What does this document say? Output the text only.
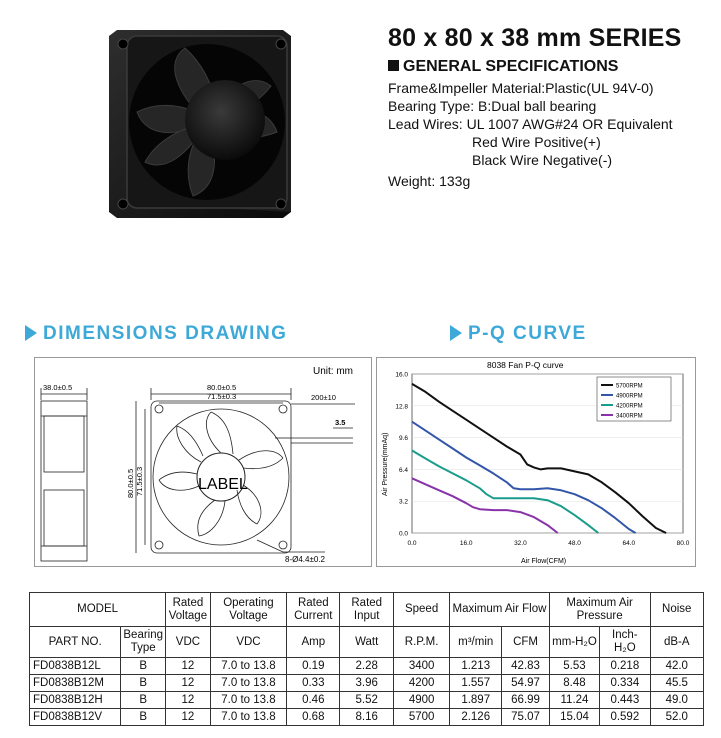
80 x 80 x 38 mm SERIES
GENERAL SPECIFICATIONS
Frame&Impeller Material:Plastic(UL 94V-0)
Bearing Type: B:Dual ball bearing
Lead Wires: UL 1007 AWG#24 OR Equivalent
Red Wire Positive(+)
Black Wire Negative(-)
Weight: 133g
DIMENSIONS DRAWING	P-Q CURVE
Unit: mm
38.0±0.5	80.0±0.5
71.5±0.3	200±10
3.5
80.0±0.5 71.5±0.3
8-Ø4.4±0.2
LABEL
0.0
3.2
6.4
9.6
12.8
16.0
0.0	16.0	32.0	48.0	64.0	80.0
5700RPM
4900RPM
4200RPM
3400RPM
8038 Fan P-Q curve
Air Flow(CFM)
Air Pressure(mmAq)
MODEL		Rated Voltage	Operating Voltage	Rated Current	Rated Input	Speed	Maximum Air Flow		Maximum Air Pressure		Noise
PART NO.	Bearing Type	VDC	VDC	Amp	Watt	R.P.M.	m³/min	CFM	mm-H₂O	Inch-H₂O	dB-A
FD0838B12L	B	12	7.0 to 13.8	0.19	2.28	3400	1.213	42.83	5.53	0.218	42.0
FD0838B12M	B	12	7.0 to 13.8	0.33	3.96	4200	1.557	54.97	8.48	0.334	45.5
FD0838B12H	B	12	7.0 to 13.8	0.46	5.52	4900	1.897	66.99	11.24	0.443	49.0
FD0838B12V	B	12	7.0 to 13.8	0.68	8.16	5700	2.126	75.07	15.04	0.592	52.0
